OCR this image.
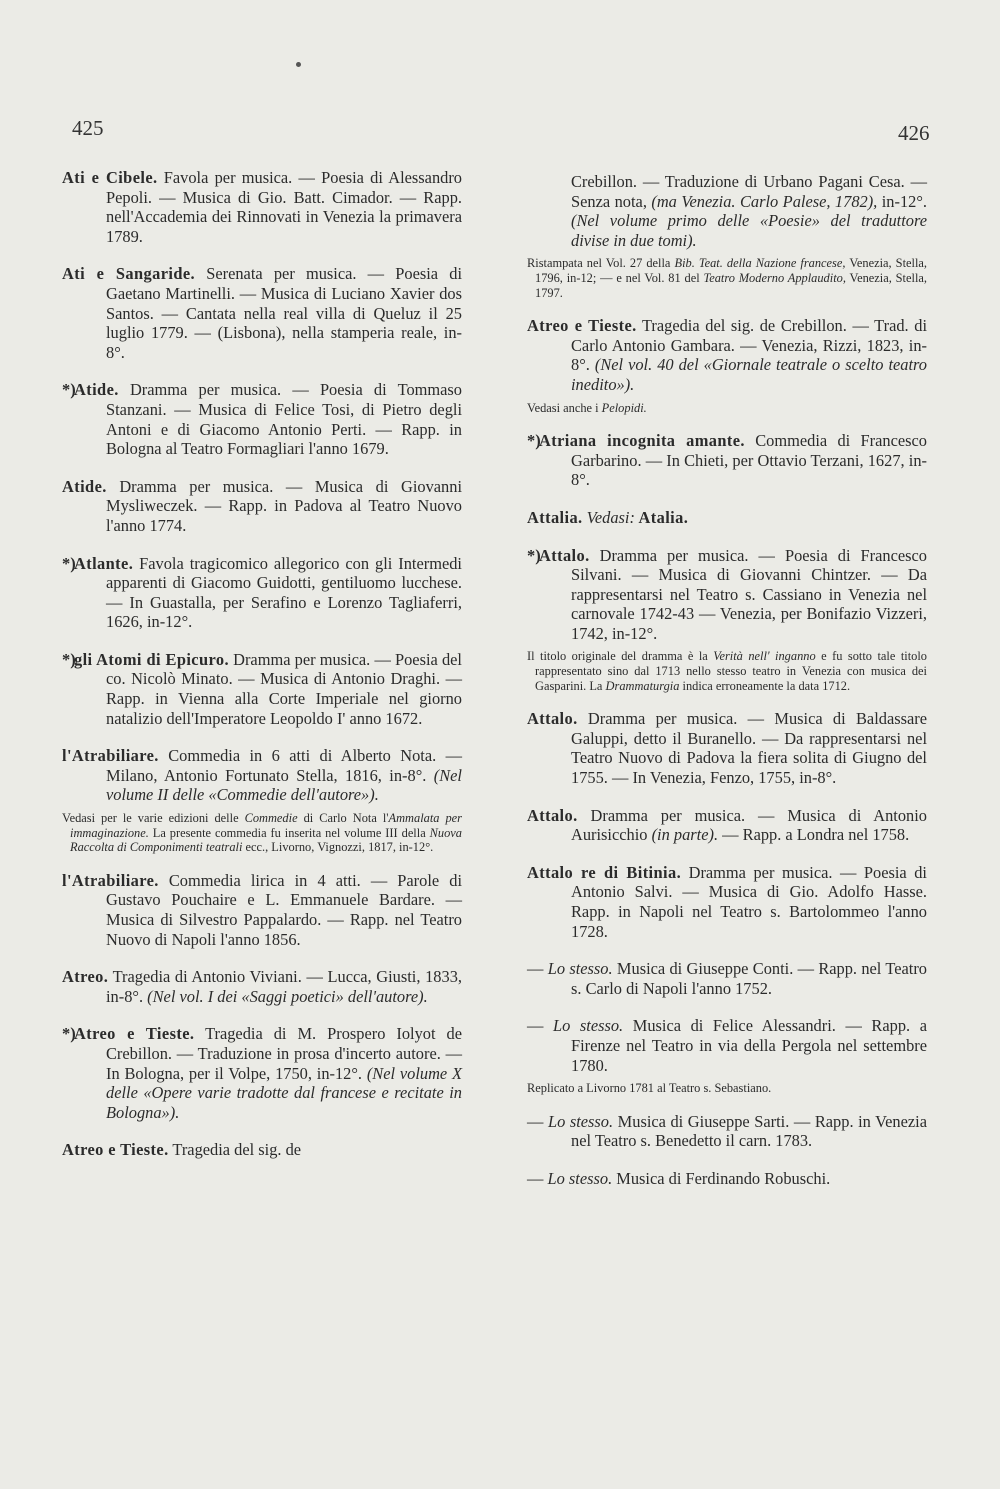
425	426

Ati e Cibele. Favola per musica. — Poesia di Alessandro Pepoli. — Musica di Gio. Batt. Cimador. — Rapp. nell'Accademia dei Rinnovati in Venezia la primavera 1789.

Ati e Sangaride. Serenata per musica. — Poesia di Gaetano Martinelli. — Musica di Luciano Xavier dos Santos. — Cantata nella real villa di Queluz il 25 luglio 1779. — (Lisbona), nella stamperia reale, in-8°.

*)Atide. Dramma per musica. — Poesia di Tommaso Stanzani. — Musica di Felice Tosi, di Pietro degli Antoni e di Giacomo Antonio Perti. — Rapp. in Bologna al Teatro Formagliari l'anno 1679.

Atide. Dramma per musica. — Musica di Giovanni Mysliweczek. — Rapp. in Padova al Teatro Nuovo l'anno 1774.

*)Atlante. Favola tragicomico allegorico con gli Intermedi apparenti di Giacomo Guidotti, gentiluomo lucchese. — In Guastalla, per Serafino e Lorenzo Tagliaferri, 1626, in-12°.

*)gli Atomi di Epicuro. Dramma per musica. — Poesia del co. Nicolò Minato. — Musica di Antonio Draghi. — Rapp. in Vienna alla Corte Imperiale nel giorno natalizio dell'Imperatore Leopoldo I' anno 1672.

l'Atrabiliare. Commedia in 6 atti di Alberto Nota. — Milano, Antonio Fortunato Stella, 1816, in-8°. (Nel volume II delle «Commedie dell'autore»).

Vedasi per le varie edizioni delle Commedie di Carlo Nota l'Ammalata per immaginazione. La presente commedia fu inserita nel volume III della Nuova Raccolta di Componimenti teatrali ecc., Livorno, Vignozzi, 1817, in-12°.

l'Atrabiliare. Commedia lirica in 4 atti. — Parole di Gustavo Pouchaire e L. Emmanuele Bardare. — Musica di Silvestro Pappalardo. — Rapp. nel Teatro Nuovo di Napoli l'anno 1856.

Atreo. Tragedia di Antonio Viviani. — Lucca, Giusti, 1833, in-8°. (Nel vol. I dei «Saggi poetici» dell'autore).

*)Atreo e Tieste. Tragedia di M. Prospero Iolyot de Crebillon. — Traduzione in prosa d'incerto autore. — In Bologna, per il Volpe, 1750, in-12°. (Nel volume X delle «Opere varie tradotte dal francese e recitate in Bologna»).

Atreo e Tieste. Tragedia del sig. de

Crebillon. — Traduzione di Urbano Pagani Cesa. — Senza nota, (ma Venezia. Carlo Palese, 1782), in-12°. (Nel volume primo delle «Poesie» del traduttore divise in due tomi).

Ristampata nel Vol. 27 della Bib. Teat. della Nazione francese, Venezia, Stella, 1796, in-12; — e nel Vol. 81 del Teatro Moderno Applaudito, Venezia, Stella, 1797.

Atreo e Tieste. Tragedia del sig. de Crebillon. — Trad. di Carlo Antonio Gambara. — Venezia, Rizzi, 1823, in-8°. (Nel vol. 40 del «Giornale teatrale o scelto teatro inedito»).

Vedasi anche i Pelopidi.

*)Atriana incognita amante. Commedia di Francesco Garbarino. — In Chieti, per Ottavio Terzani, 1627, in-8°.

Attalia. Vedasi: Atalia.

*)Attalo. Dramma per musica. — Poesia di Francesco Silvani. — Musica di Giovanni Chintzer. — Da rappresentarsi nel Teatro s. Cassiano in Venezia nel carnovale 1742-43 — Venezia, per Bonifazio Vizzeri, 1742, in-12°.

Il titolo originale del dramma è la Verità nell' inganno e fu sotto tale titolo rappresentato sino dal 1713 nello stesso teatro in Venezia con musica dei Gasparini. La Drammaturgia indica erroneamente la data 1712.

Attalo. Dramma per musica. — Musica di Baldassare Galuppi, detto il Buranello. — Da rappresentarsi nel Teatro Nuovo di Padova la fiera solita di Giugno del 1755. — In Venezia, Fenzo, 1755, in-8°.

Attalo. Dramma per musica. — Musica di Antonio Aurisicchio (in parte). — Rapp. a Londra nel 1758.

Attalo re di Bitinia. Dramma per musica. — Poesia di Antonio Salvi. — Musica di Gio. Adolfo Hasse. Rapp. in Napoli nel Teatro s. Bartolommeo l'anno 1728.

— Lo stesso. Musica di Giuseppe Conti. — Rapp. nel Teatro s. Carlo di Napoli l'anno 1752.

— Lo stesso. Musica di Felice Alessandri. — Rapp. a Firenze nel Teatro in via della Pergola nel settembre 1780.

Replicato a Livorno 1781 al Teatro s. Sebastiano.

— Lo stesso. Musica di Giuseppe Sarti. — Rapp. in Venezia nel Teatro s. Benedetto il carn. 1783.

— Lo stesso. Musica di Ferdinando Robuschi.
